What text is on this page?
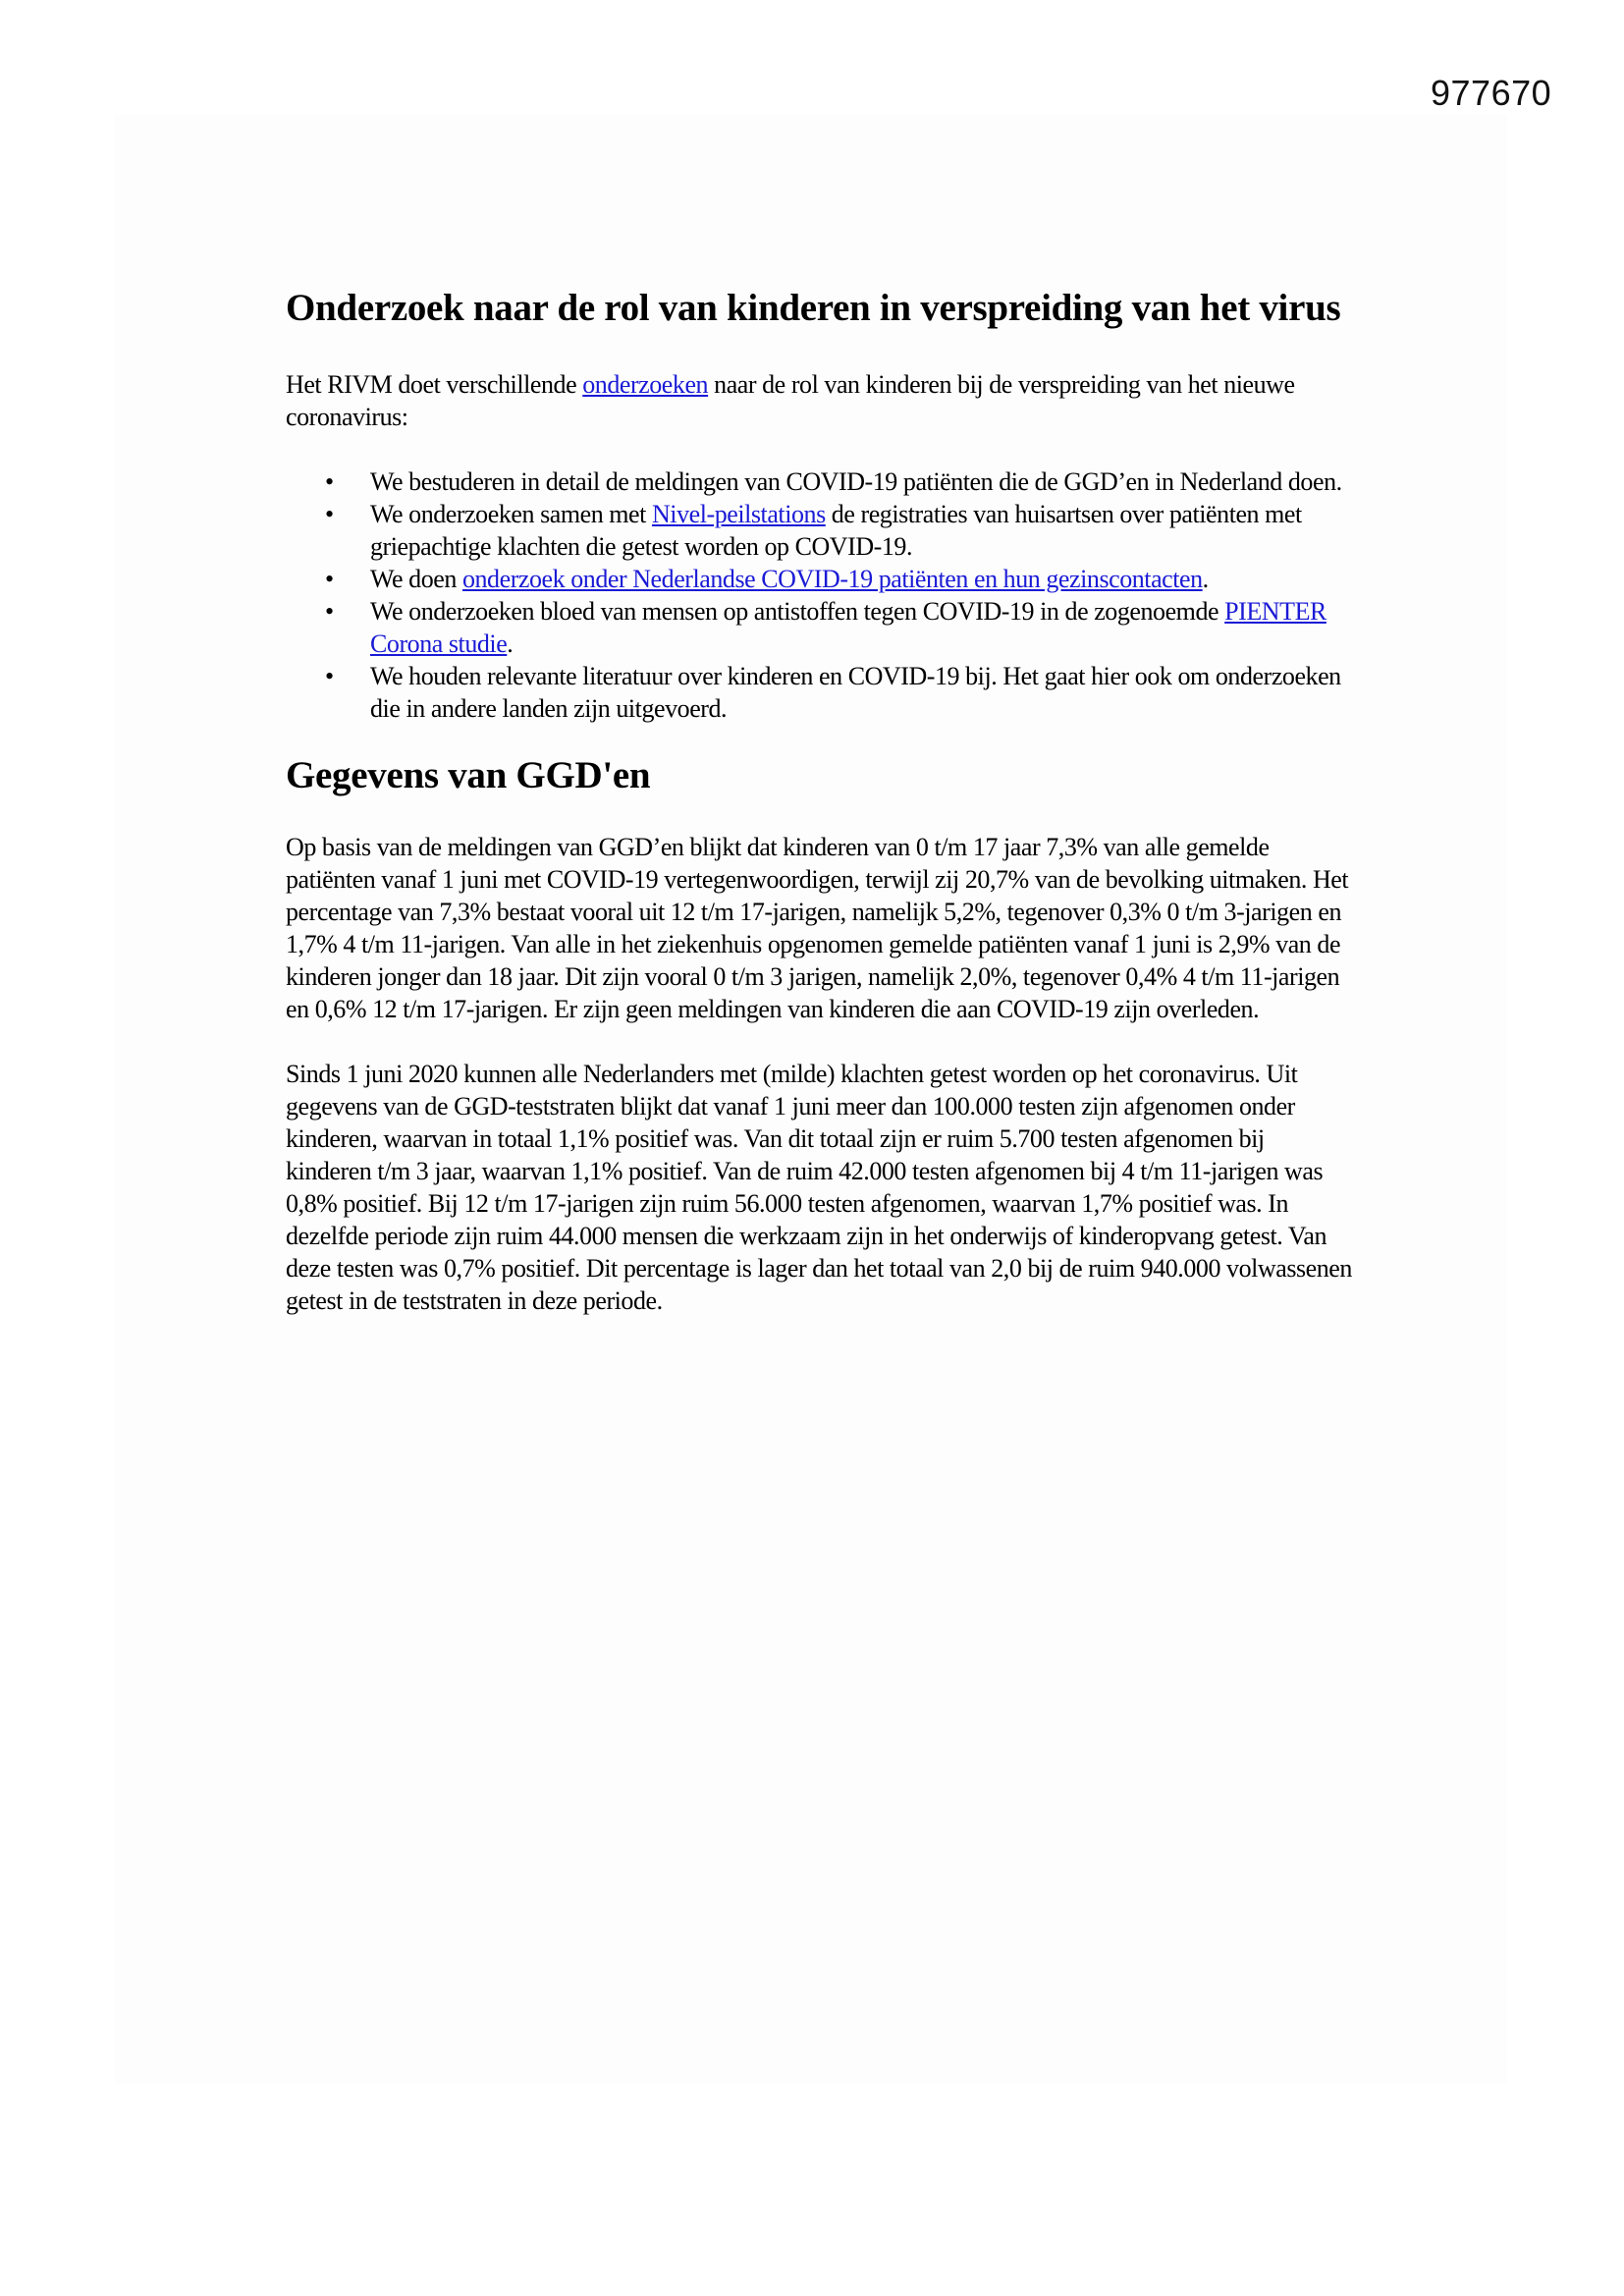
977670
Onderzoek naar de rol van kinderen in verspreiding van het virus

Het RIVM doet verschillende onderzoeken naar de rol van kinderen bij de verspreiding van het nieuwe coronavirus:

• We bestuderen in detail de meldingen van COVID-19 patiënten die de GGD’en in Nederland doen.
• We onderzoeken samen met Nivel-peilstations de registraties van huisartsen over patiënten met griepachtige klachten die getest worden op COVID-19.
• We doen onderzoek onder Nederlandse COVID-19 patiënten en hun gezinscontacten.
• We onderzoeken bloed van mensen op antistoffen tegen COVID-19 in de zogenoemde PIENTER Corona studie.
• We houden relevante literatuur over kinderen en COVID-19 bij. Het gaat hier ook om onderzoeken die in andere landen zijn uitgevoerd.
Gegevens van GGD'en

Op basis van de meldingen van GGD’en blijkt dat kinderen van 0 t/m 17 jaar 7,3% van alle gemelde patiënten vanaf 1 juni met COVID-19 vertegenwoordigen, terwijl zij 20,7% van de bevolking uitmaken. Het percentage van 7,3% bestaat vooral uit 12 t/m 17-jarigen, namelijk 5,2%, tegenover 0,3% 0 t/m 3-jarigen en 1,7% 4 t/m 11-jarigen. Van alle in het ziekenhuis opgenomen gemelde patiënten vanaf 1 juni is 2,9% van de kinderen jonger dan 18 jaar. Dit zijn vooral 0 t/m 3 jarigen, namelijk 2,0%, tegenover 0,4% 4 t/m 11-jarigen en 0,6% 12 t/m 17-jarigen. Er zijn geen meldingen van kinderen die aan COVID-19 zijn overleden.

Sinds 1 juni 2020 kunnen alle Nederlanders met (milde) klachten getest worden op het coronavirus. Uit gegevens van de GGD-teststraten blijkt dat vanaf 1 juni meer dan 100.000 testen zijn afgenomen onder kinderen, waarvan in totaal 1,1% positief was. Van dit totaal zijn er ruim 5.700 testen afgenomen bij kinderen t/m 3 jaar, waarvan 1,1% positief. Van de ruim 42.000 testen afgenomen bij 4 t/m 11-jarigen was 0,8% positief. Bij 12 t/m 17-jarigen zijn ruim 56.000 testen afgenomen, waarvan 1,7% positief was. In dezelfde periode zijn ruim 44.000 mensen die werkzaam zijn in het onderwijs of kinderopvang getest. Van deze testen was 0,7% positief. Dit percentage is lager dan het totaal van 2,0 bij de ruim 940.000 volwassenen getest in de teststraten in deze periode.
